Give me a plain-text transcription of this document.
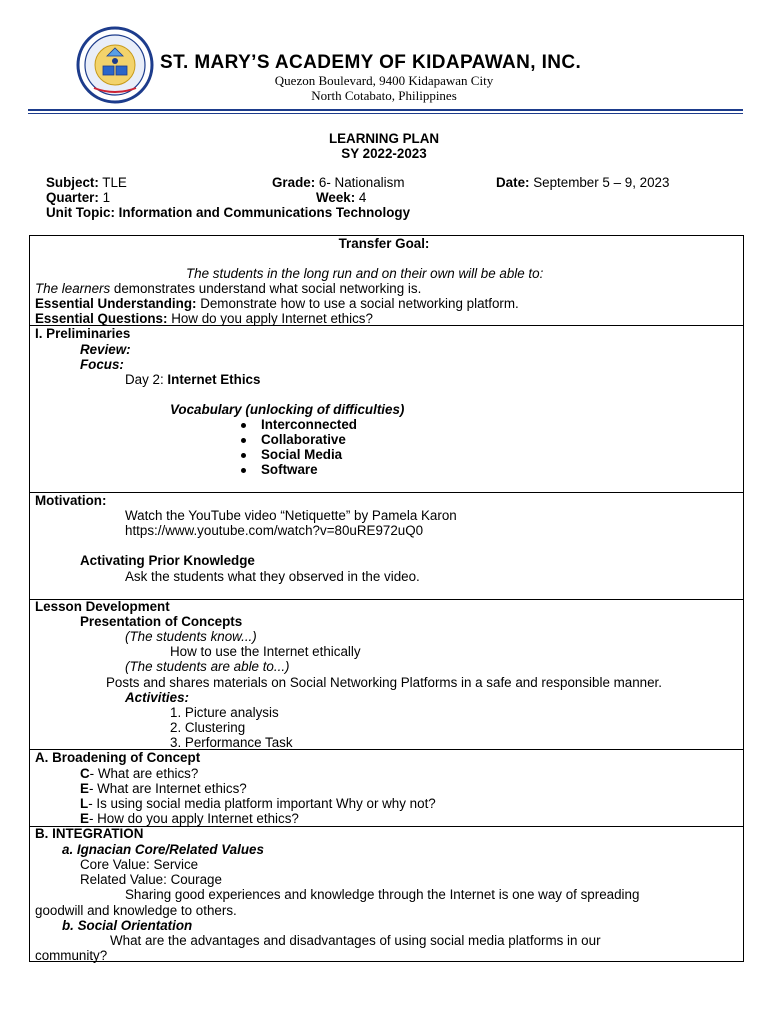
ST. MARY’S ACADEMY OF KIDAPAWAN, INC.
Quezon Boulevard, 9400 Kidapawan City
North Cotabato, Philippines
LEARNING PLAN
SY 2022-2023
Subject: TLE	Grade: 6- Nationalism	Date: September 5 – 9, 2023
Quarter: 1	Week: 4
Unit Topic: Information and Communications Technology
Transfer Goal:
The students in the long run and on their own will be able to:
The learners demonstrates understand what social networking is.
Essential Understanding: Demonstrate how to use a social networking platform.
Essential Questions: How do you apply Internet ethics?
I. Preliminaries
Review:
Focus:
Day 2: Internet Ethics
Vocabulary (unlocking of difficulties)
Interconnected
Collaborative
Social Media
Software
Motivation:
Watch the YouTube video “Netiquette” by Pamela Karon
https://www.youtube.com/watch?v=80uRE972uQ0
Activating Prior Knowledge
Ask the students what they observed in the video.
Lesson Development
Presentation of Concepts
(The students know...)
How to use the Internet ethically
(The students are able to...)
Posts and shares materials on Social Networking Platforms in a safe and responsible manner.
Activities:
1. Picture analysis
2. Clustering
3. Performance Task
A. Broadening of Concept
C- What are ethics?
E- What are Internet ethics?
L- Is using social media platform important Why or why not?
E- How do you apply Internet ethics?
B. INTEGRATION
a. Ignacian Core/Related Values
Core Value: Service
Related Value: Courage
Sharing good experiences and knowledge through the Internet is one way of spreading
goodwill and knowledge to others.
b. Social Orientation
What are the advantages and disadvantages of using social media platforms in our
community?
